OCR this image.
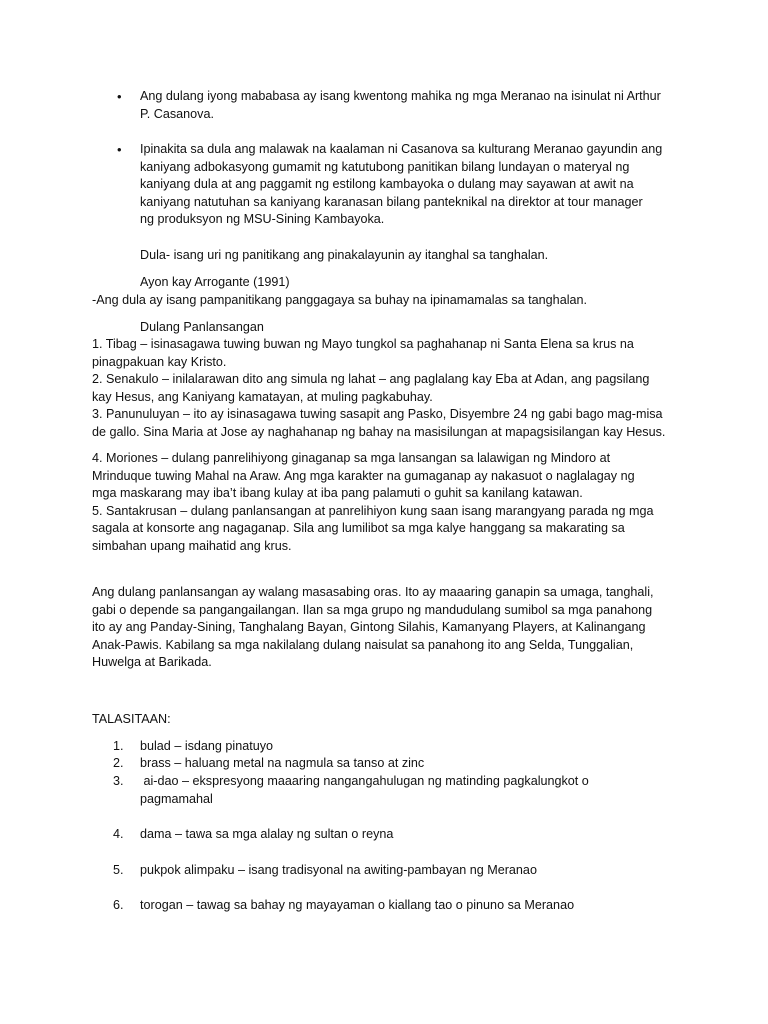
• Ang dulang iyong mababasa ay isang kwentong mahika ng mga Meranao na isinulat ni Arthur
P. Casanova.
• Ipinakita sa dula ang malawak na kaalaman ni Casanova sa kulturang Meranao gayundin ang
kaniyang adbokasyong gumamit ng katutubong panitikan bilang lundayan o materyal ng
kaniyang dula at ang paggamit ng estilong kambayoka o dulang may sayawan at awit na
kaniyang natutuhan sa kaniyang karanasan bilang panteknikal na direktor at tour manager
ng produksyon ng MSU-Sining Kambayoka.
Dula- isang uri ng panitikang ang pinakalayunin ay itanghal sa tanghalan.
Ayon kay Arrogante (1991)
-Ang dula ay isang pampanitikang panggagaya sa buhay na ipinamamalas sa tanghalan.
Dulang Panlansangan
1. Tibag – isinasagawa tuwing buwan ng Mayo tungkol sa paghahanap ni Santa Elena sa krus na
pinagpakuan kay Kristo.
2. Senakulo – inilalarawan dito ang simula ng lahat – ang paglalang kay Eba at Adan, ang pagsilang
kay Hesus, ang Kaniyang kamatayan, at muling pagkabuhay.
3. Panunuluyan – ito ay isinasagawa tuwing sasapit ang Pasko, Disyembre 24 ng gabi bago mag-misa
de gallo. Sina Maria at Jose ay naghahanap ng bahay na masisilungan at mapagsisilangan kay Hesus.
4. Moriones – dulang panrelihiyong ginaganap sa mga lansangan sa lalawigan ng Mindoro at
Mrinduque tuwing Mahal na Araw. Ang mga karakter na gumaganap ay nakasuot o naglalagay ng
mga maskarang may iba’t ibang kulay at iba pang palamuti o guhit sa kanilang katawan.
5. Santakrusan – dulang panlansangan at panrelihiyon kung saan isang marangyang parada ng mga
sagala at konsorte ang nagaganap. Sila ang lumilibot sa mga kalye hanggang sa makarating sa
simbahan upang maihatid ang krus.
Ang dulang panlansangan ay walang masasabing oras. Ito ay maaaring ganapin sa umaga, tanghali,
gabi o depende sa pangangailangan. Ilan sa mga grupo ng mandudulang sumibol sa mga panahong
ito ay ang Panday-Sining, Tanghalang Bayan, Gintong Silahis, Kamanyang Players, at Kalinangang
Anak-Pawis. Kabilang sa mga nakilalang dulang naisulat sa panahong ito ang Selda, Tunggalian,
Huwelga at Barikada.
TALASITAAN:
1.	bulad – isdang pinatuyo
2.	brass – haluang metal na nagmula sa tanso at zinc
3.	ai-dao – ekspresyong maaaring nangangahulugan ng matinding pagkalungkot o
pagmamahal
4.	dama – tawa sa mga alalay ng sultan o reyna
5.	pukpok alimpaku – isang tradisyonal na awiting-pambayan ng Meranao
6.	torogan – tawag sa bahay ng mayayaman o kiallang tao o pinuno sa Meranao
